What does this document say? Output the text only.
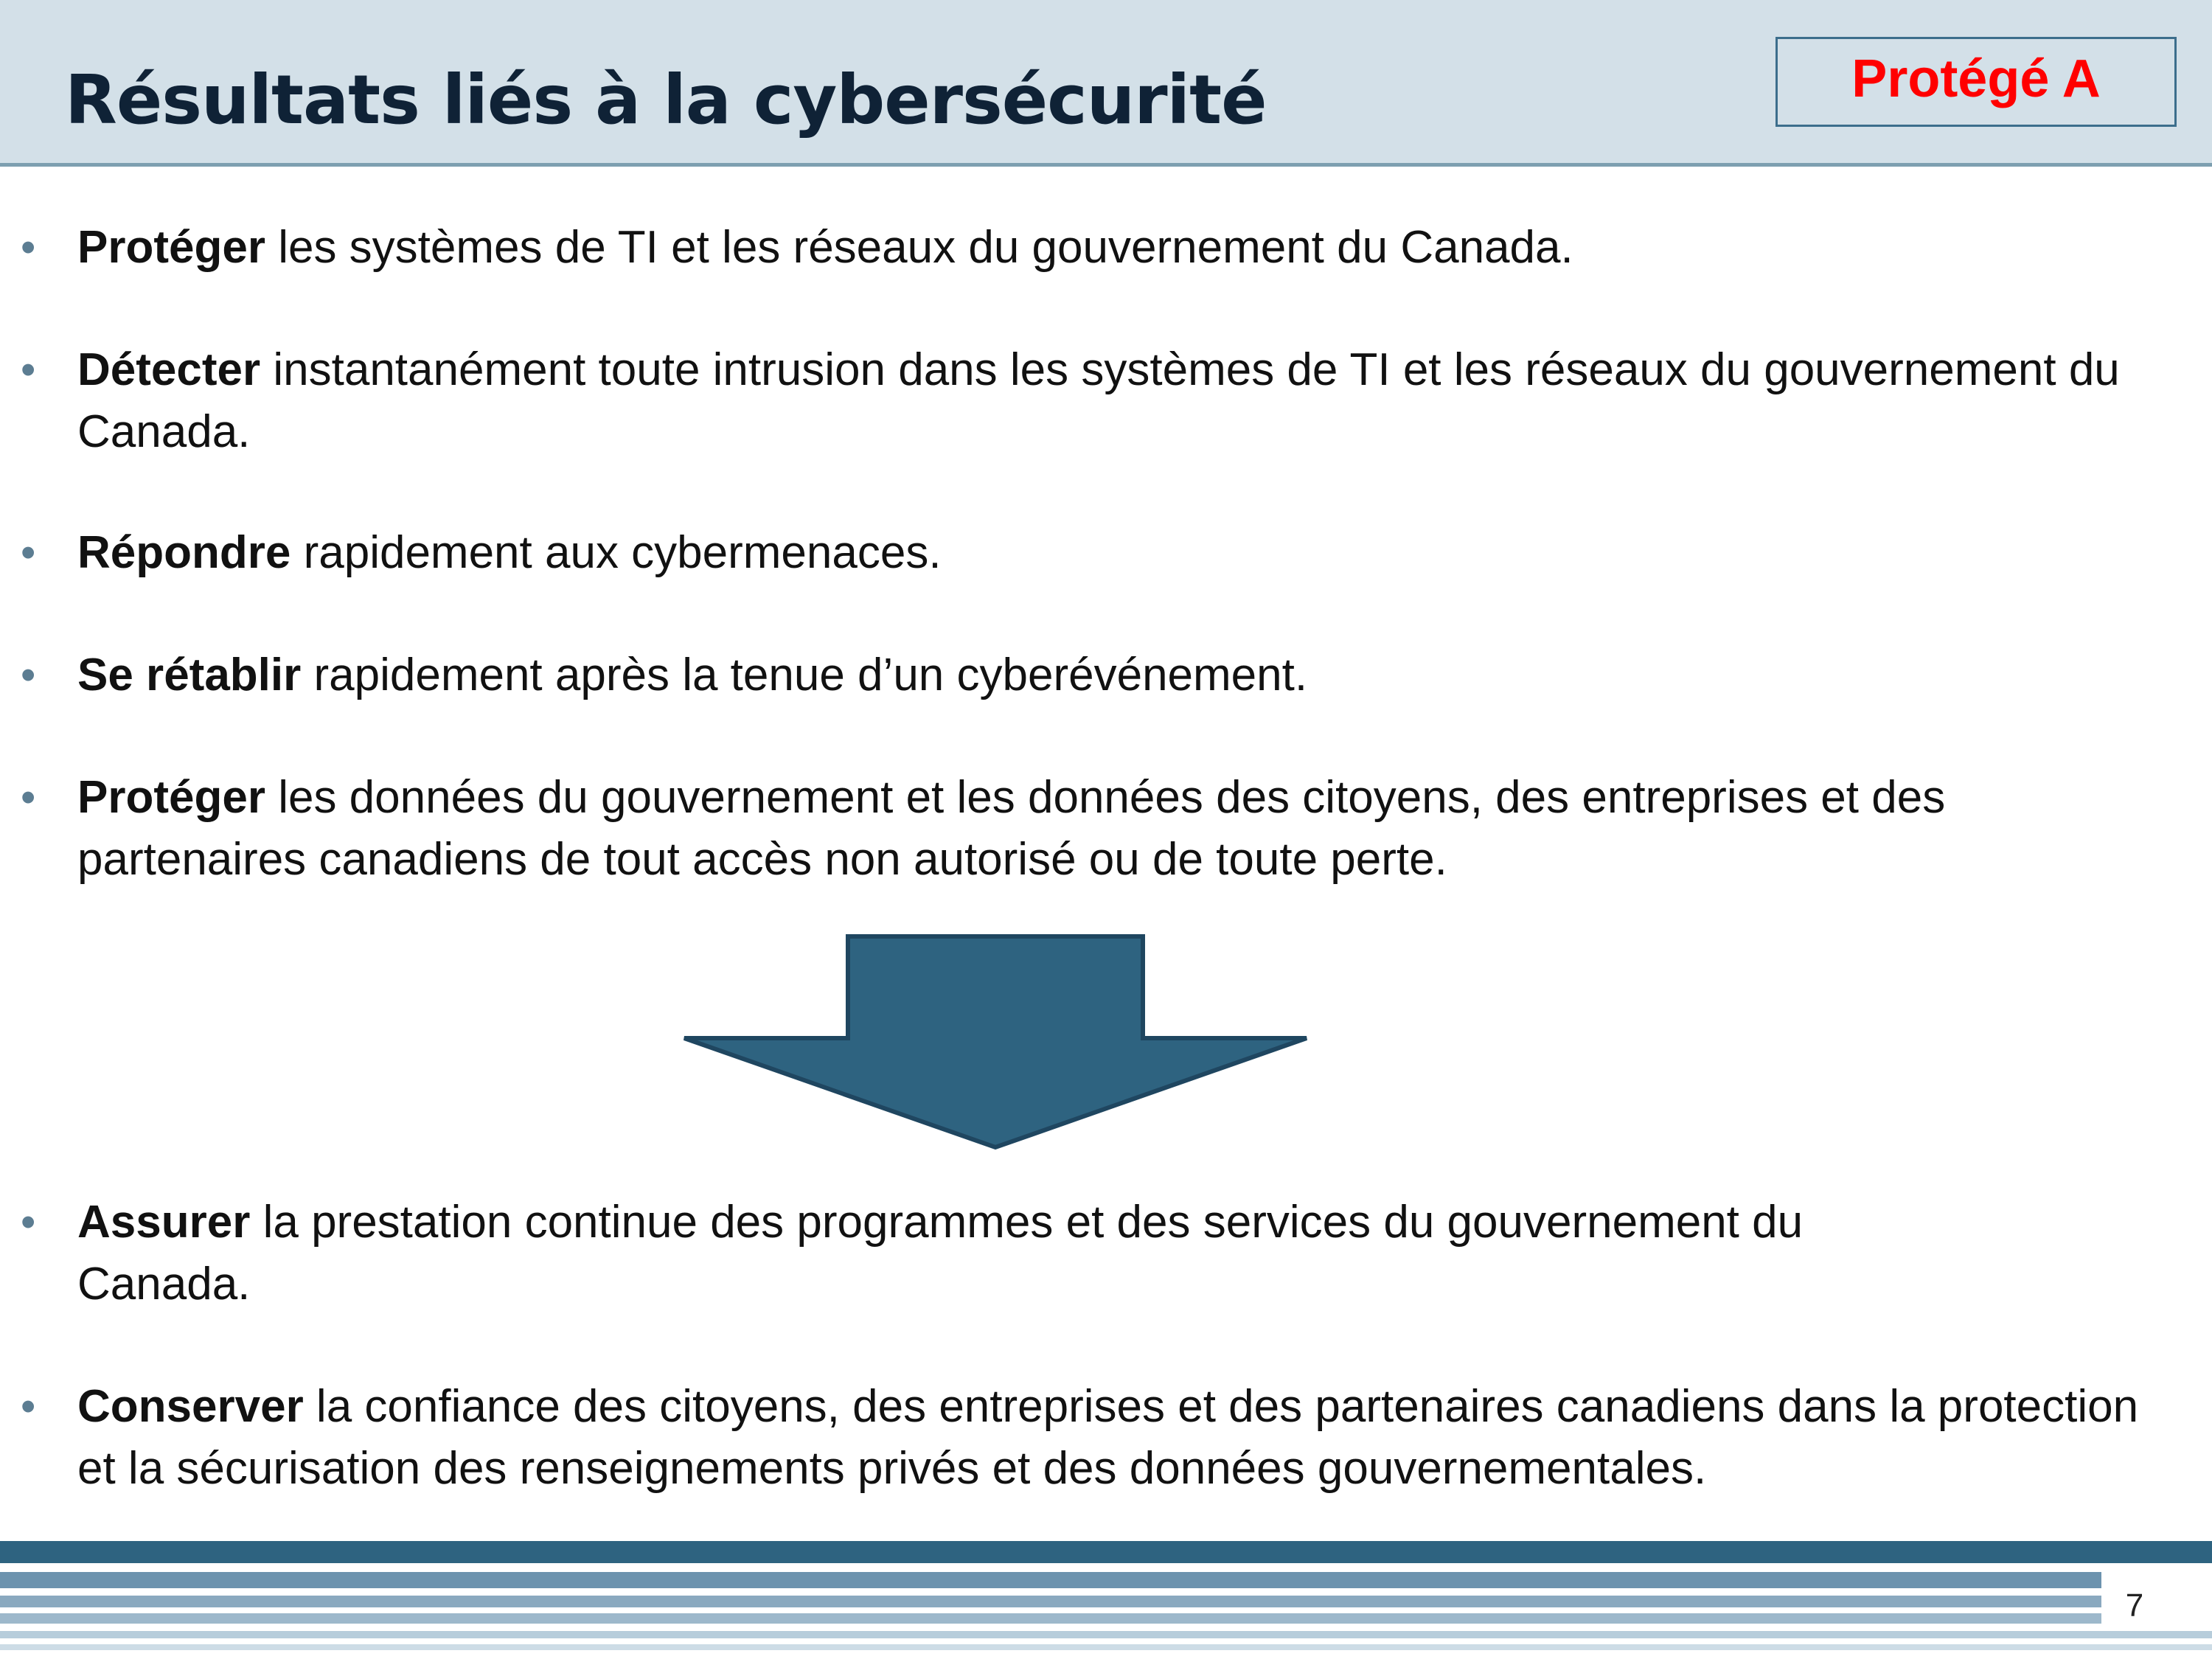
Résultats liés à la cybersécurité	Protégé A
• Protéger les systèmes de TI et les réseaux du gouvernement du Canada.
• Détecter instantanément toute intrusion dans les systèmes de TI et les réseaux du gouvernement du Canada.
• Répondre rapidement aux cybermenaces.
• Se rétablir rapidement après la tenue d’un cyberévénement.
• Protéger les données du gouvernement et les données des citoyens, des entreprises et des partenaires canadiens de tout accès non autorisé ou de toute perte.
• Assurer la prestation continue des programmes et des services du gouvernement du Canada.
• Conserver la confiance des citoyens, des entreprises et des partenaires canadiens dans la protection et la sécurisation des renseignements privés et des données gouvernementales.
7
